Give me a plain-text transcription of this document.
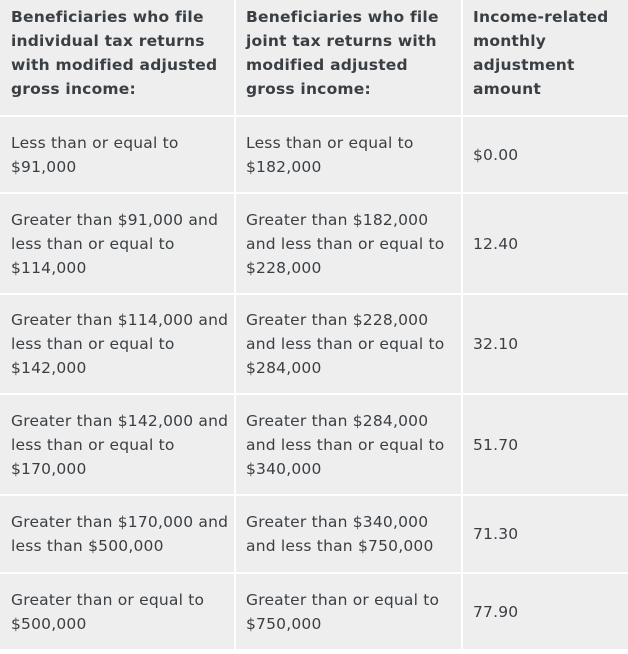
Beneficiaries who file individual tax returns with modified adjusted gross income:	Beneficiaries who file joint tax returns with modified adjusted gross income:	Income-related monthly adjustment amount
Less than or equal to $91,000	Less than or equal to $182,000	$0.00
Greater than $91,000 and less than or equal to $114,000	Greater than $182,000 and less than or equal to $228,000	12.40
Greater than $114,000 and less than or equal to $142,000	Greater than $228,000 and less than or equal to $284,000	32.10
Greater than $142,000 and less than or equal to $170,000	Greater than $284,000 and less than or equal to $340,000	51.70
Greater than $170,000 and less than $500,000	Greater than $340,000 and less than $750,000	71.30
Greater than or equal to $500,000	Greater than or equal to $750,000	77.90
